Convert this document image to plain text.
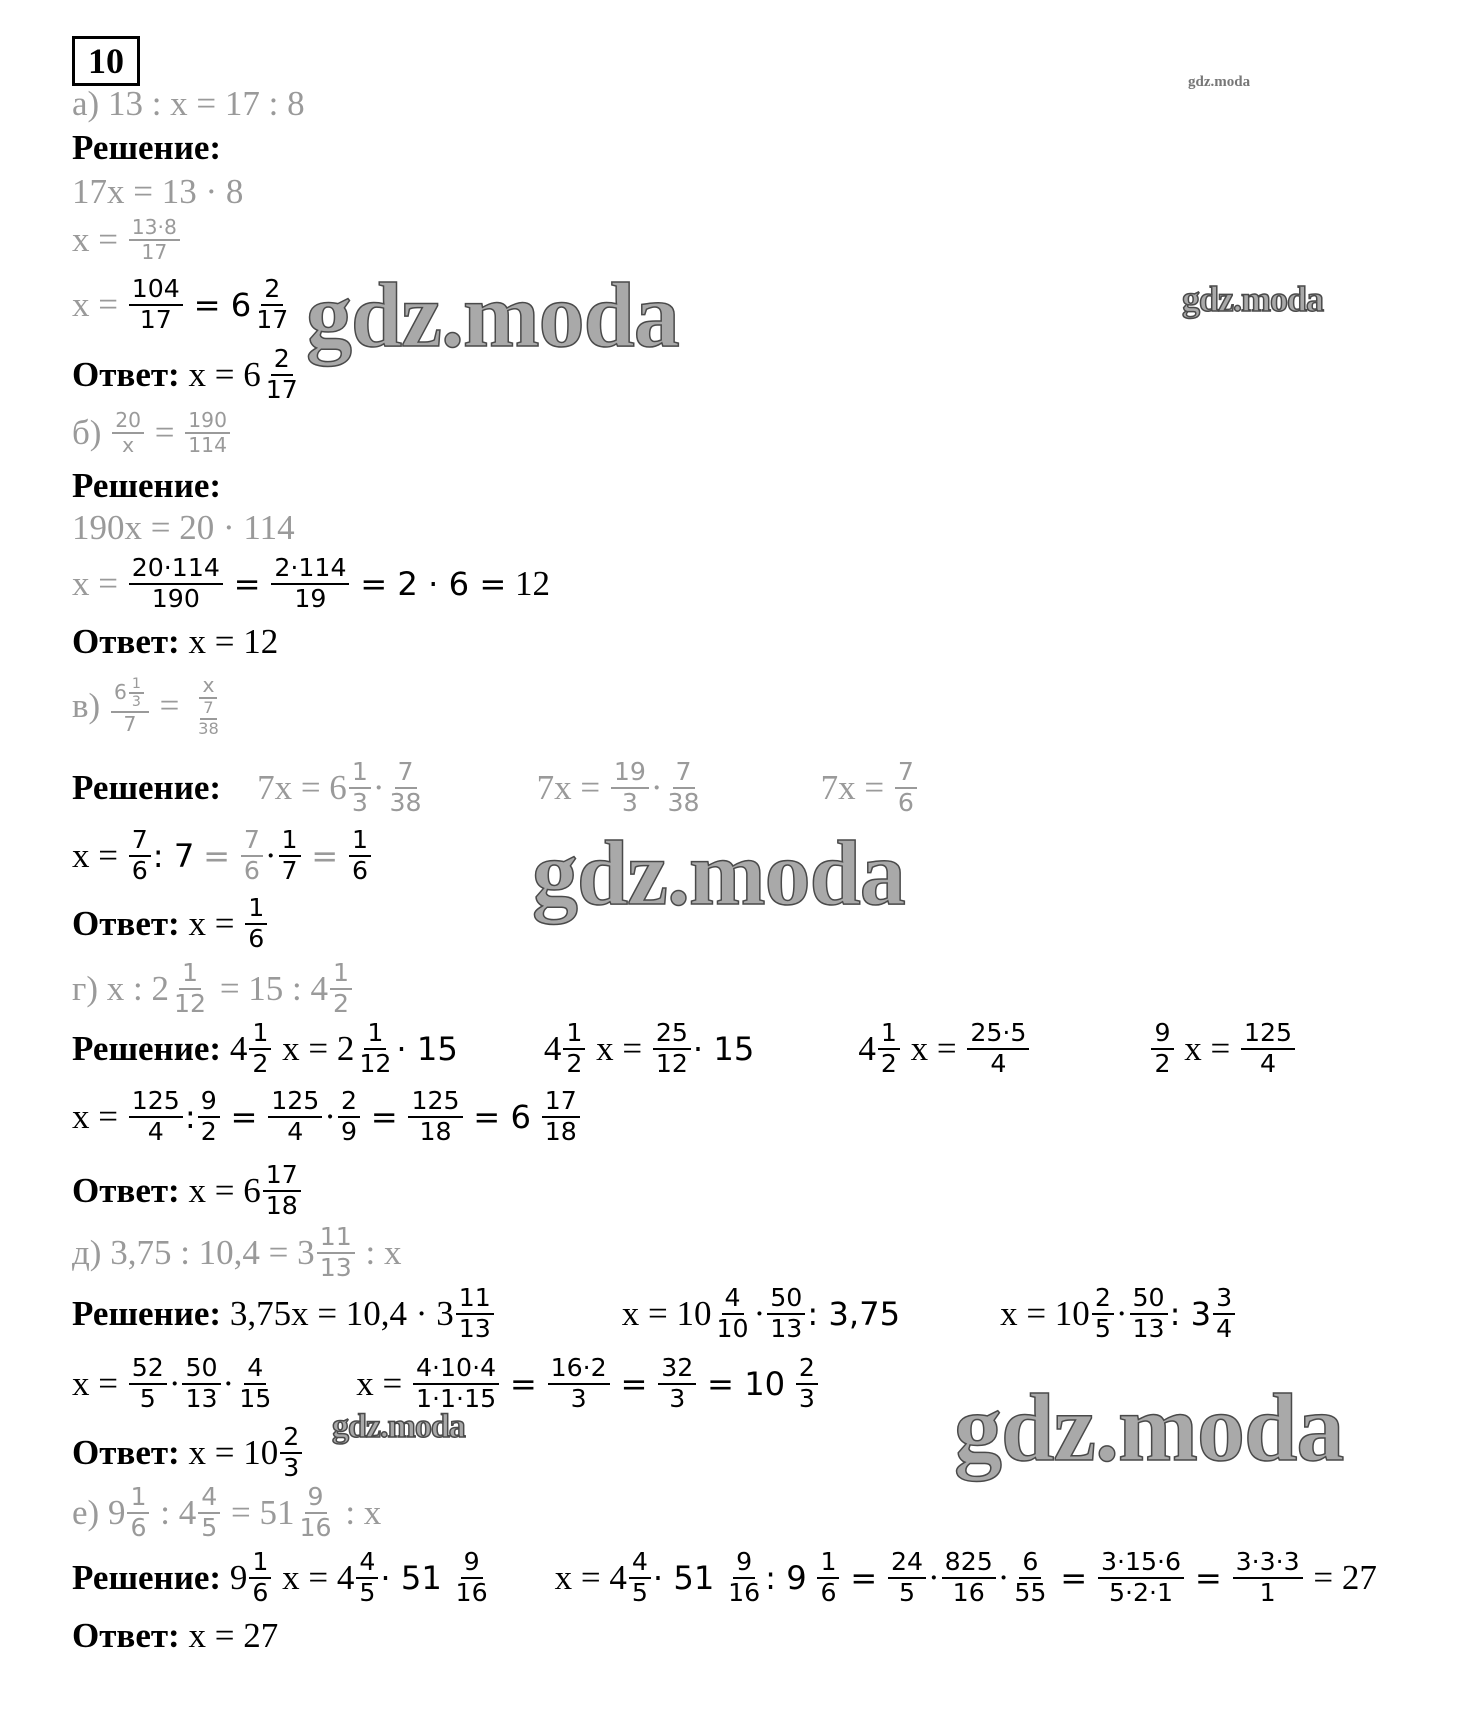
10
gdz.moda
gdz.moda
gdz.moda
gdz.moda
gdz.moda
gdz.moda
а) 13 : x = 17 : 8
Решение:
17x = 13 · 8
$x = \frac{13\cdot 8}{17}$
x =
$\frac{104}{17}$
= $6 \frac{2}{17}$
Ответ: $x = 6 \frac{2}{17}$
б)
$\frac{20}{x} = \frac{190}{114}$
Решение:
190x = 20 · 114
x =
$\frac{20\cdot 114}{190}$
=
$\frac{2\cdot 114}{19}$
= 2 · 6 = 12
Ответ: x = 12
в)
$\frac{6 \frac{1}{3}}{7} = \frac{x}{\frac{7}{38}}$
Решение: $7x = 6 \frac{1}{3} \cdot \frac{7}{38}$	$7x = \frac{19}{3} \cdot \frac{7}{38}$	$7x = \frac{7}{6}$
$x = \frac{7}{6}$ : 7
=
$\frac{7}{6} \cdot \frac{1}{7}$
=
$\frac{1}{6}$
Ответ: $x = \frac{1}{6}$
г) x : $2 \frac{1}{12} = 15$ : $4 \frac{1}{2}$
Решение: $4 \frac{1}{2}$ $x = 2 \frac{1}{12} \cdot 15$ $4 \frac{1}{2}$ $x = \frac{25}{12} \cdot 15$	$4 \frac{1}{2}$ $x = \frac{25\cdot 5}{4}$	$\frac{9}{2}$ $x = \frac{125}{4}$
$x = \frac{125}{4}$ : $\frac{9}{2}$
=
$\frac{125}{4} \cdot \frac{2}{9}$
=
$\frac{125}{18}$
= 6
$\frac{17}{18}$
Ответ: $x = 6 \frac{17}{18}$
д) 3,75 : $10,4 = 3 \frac{11}{13}$ : x
Решение: $3,75x = 10,4 \cdot 3 \frac{11}{13}$	$x = 10 \frac{4}{10} \cdot \frac{50}{13}$ : 3,75	$x = 10 \frac{2}{5} \cdot \frac{50}{13}$ : $3 \frac{3}{4}$
$x = \frac{52}{5} \cdot \frac{50}{13} \cdot \frac{4}{15}$ $x = \frac{4\cdot 10\cdot 4}{1\cdot 1\cdot 15}$
=
$\frac{16\cdot 2}{3}$
=
$\frac{32}{3}$
= 10
$\frac{2}{3}$
Ответ: $x = 10 \frac{2}{3}$
е) $9 \frac{1}{6}$ : $4 \frac{4}{5} = 51 \frac{9}{16}$ : x
Решение: $9 \frac{1}{6}$ $x = 4 \frac{4}{5} \cdot 51$
$\frac{9}{16}$ $x = 4 \frac{4}{5} \cdot 51$
$\frac{9}{16}$ : 9
$\frac{1}{6}$
=
$\frac{24}{5} \cdot \frac{825}{16} \cdot \frac{6}{55}$
=
$\frac{3\cdot 15\cdot 6}{5\cdot 2\cdot 1}$
=
$\frac{3\cdot 3\cdot 3}{1} = 27$
Ответ: x = 27
